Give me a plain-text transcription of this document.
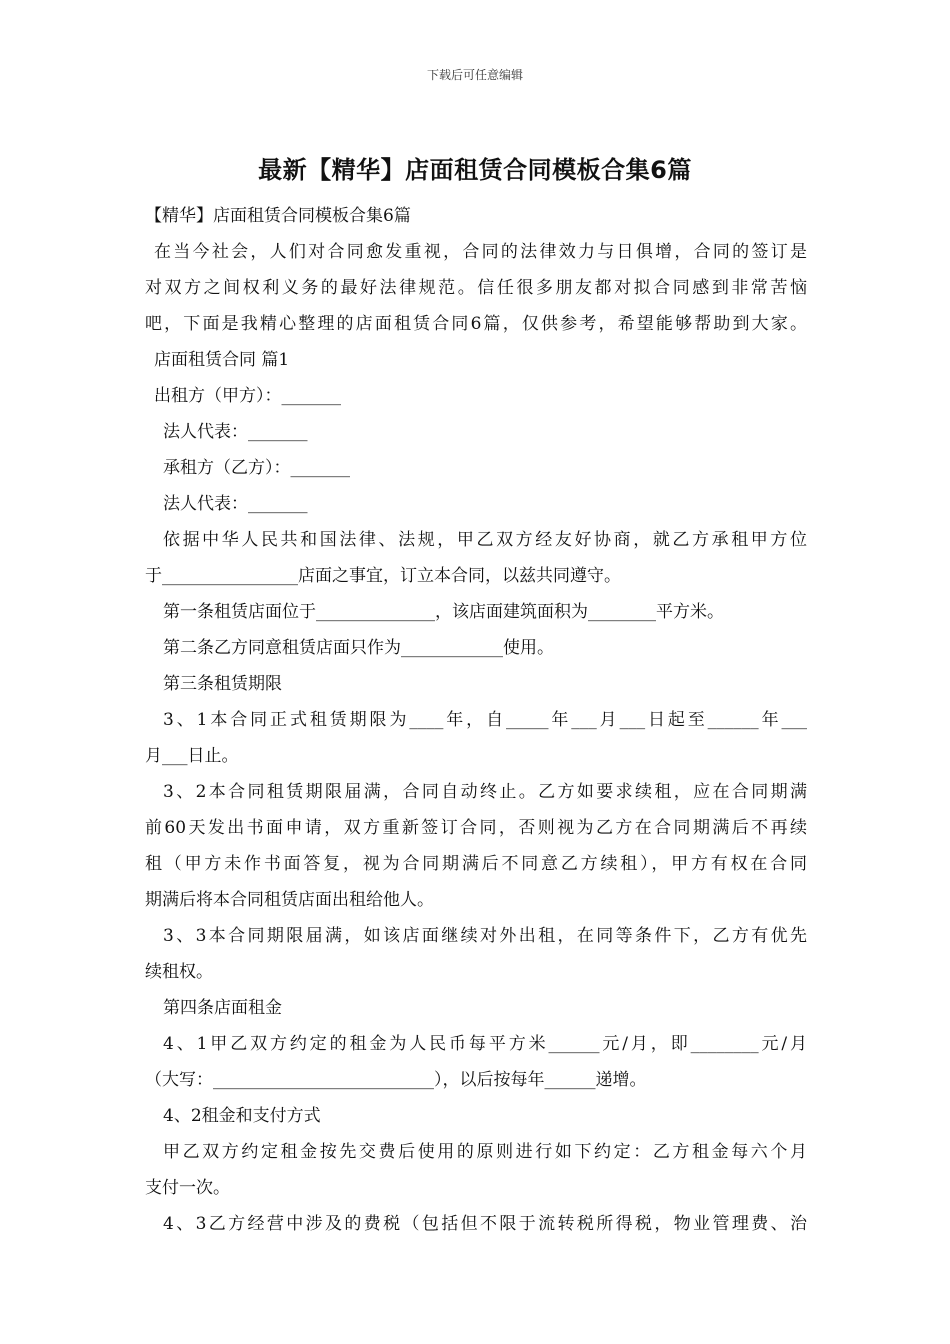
下载后可任意编辑
最新【精华】店面租赁合同模板合集6篇
【精华】店面租赁合同模板合集6篇
在当今社会，人们对合同愈发重视，合同的法律效力与日俱增，合同的签订是
对双方之间权利义务的最好法律规范。信任很多朋友都对拟合同感到非常苦恼
吧，下面是我精心整理的店面租赁合同6篇，仅供参考，希望能够帮助到大家。
店面租赁合同 篇1
出租方（甲方）：_______
法人代表：_______
承租方（乙方）：_______
法人代表：_______
依据中华人民共和国法律、法规，甲乙双方经友好协商，就乙方承租甲方位
于________________店面之事宜，订立本合同，以兹共同遵守。
第一条租赁店面位于______________，该店面建筑面积为________平方米。
第二条乙方同意租赁店面只作为____________使用。
第三条租赁期限
3、1本合同正式租赁期限为____年，自_____年___月___日起至______年___
月___日止。
3、2本合同租赁期限届满，合同自动终止。乙方如要求续租，应在合同期满
前60天发出书面申请，双方重新签订合同，否则视为乙方在合同期满后不再续
租（甲方未作书面答复，视为合同期满后不同意乙方续租），甲方有权在合同
期满后将本合同租赁店面出租给他人。
3、3本合同期限届满，如该店面继续对外出租，在同等条件下，乙方有优先
续租权。
第四条店面租金
4、1甲乙双方约定的租金为人民币每平方米______元/月，即________元/月
（大写：__________________________），以后按每年______递增。
4、2租金和支付方式
甲乙双方约定租金按先交费后使用的原则进行如下约定：乙方租金每六个月
支付一次。
4、3乙方经营中涉及的费税（包括但不限于流转税所得税，物业管理费、治
